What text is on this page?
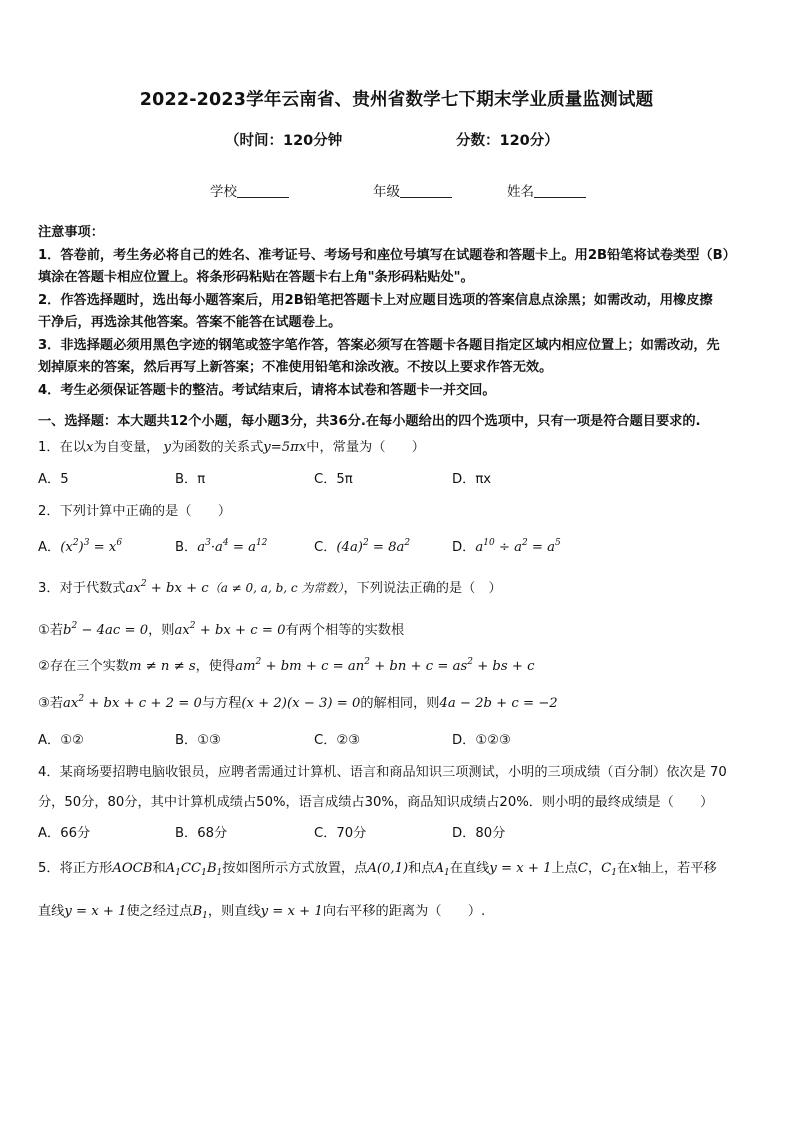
2022-2023学年云南省、贵州省数学七下期末学业质量监测试题
（时间：120分钟	分数：120分）
学校	年级	姓名
注意事项：
1．答卷前，考生务必将自己的姓名、准考证号、考场号和座位号填写在试题卷和答题卡上。用2B铅笔将试卷类型（B）
填涂在答题卡相应位置上。将条形码粘贴在答题卡右上角"条形码粘贴处"。
2．作答选择题时，选出每小题答案后，用2B铅笔把答题卡上对应题目选项的答案信息点涂黑；如需改动，用橡皮擦
干净后，再选涂其他答案。答案不能答在试题卷上。
3．非选择题必须用黑色字迹的钢笔或签字笔作答，答案必须写在答题卡各题目指定区域内相应位置上；如需改动，先
划掉原来的答案，然后再写上新答案；不准使用铅笔和涂改液。不按以上要求作答无效。
4．考生必须保证答题卡的整洁。考试结束后，请将本试卷和答题卡一并交回。
一、选择题：本大题共12个小题，每小题3分，共36分.在每小题给出的四个选项中，只有一项是符合题目要求的.
1．在以x为自变量， y为函数的关系式y=5πx中，常量为（　　）
A．5	B．π	C．5π	D．πx
2．下列计算中正确的是（　　）
A．$(x^2)^3 = x^6$	B．$a^3\cdot a^4 = a^{12}$	C．$(4a)^2 = 8a^2$	D．$a^{10} \div a^2 = a^5$
3．对于代数式$ax^2$ + bx + c（a ≠ 0, a, b, c 为常数），下列说法正确的是（　）
①若$b^2 - 4ac = 0$，则$ax^2$ + bx + c = 0有两个相等的实数根
②存在三个实数m ≠ n ≠ s，使得$am^2$ + bm + $c = an^2$ + bn + $c = as^2$ + bs + c
③若$ax^2$ + bx + c + 2 = 0与方程(x + 2)(x − 3) = 0的解相同，则4a − 2b + c = −2
A．①②	B．①③	C．②③	D．①②③
4．某商场要招聘电脑收银员，应聘者需通过计算机、语言和商品知识三项测试，小明的三项成绩（百分制）依次是 70
分，50分，80分，其中计算机成绩占50%，语言成绩占30%，商品知识成绩占20%．则小明的最终成绩是（　　）
A．66分	B．68分	C．70分	D．80分
5．将正方形AOCB和$A_1CC_1B_1$按如图所示方式放置，点A(0,1)和点$A_1$在直线y = x + 1上点C，$C_1$在x轴上，若平移
直线y = x + 1使之经过点$B_1$，则直线y = x + 1向右平移的距离为（　　）.
